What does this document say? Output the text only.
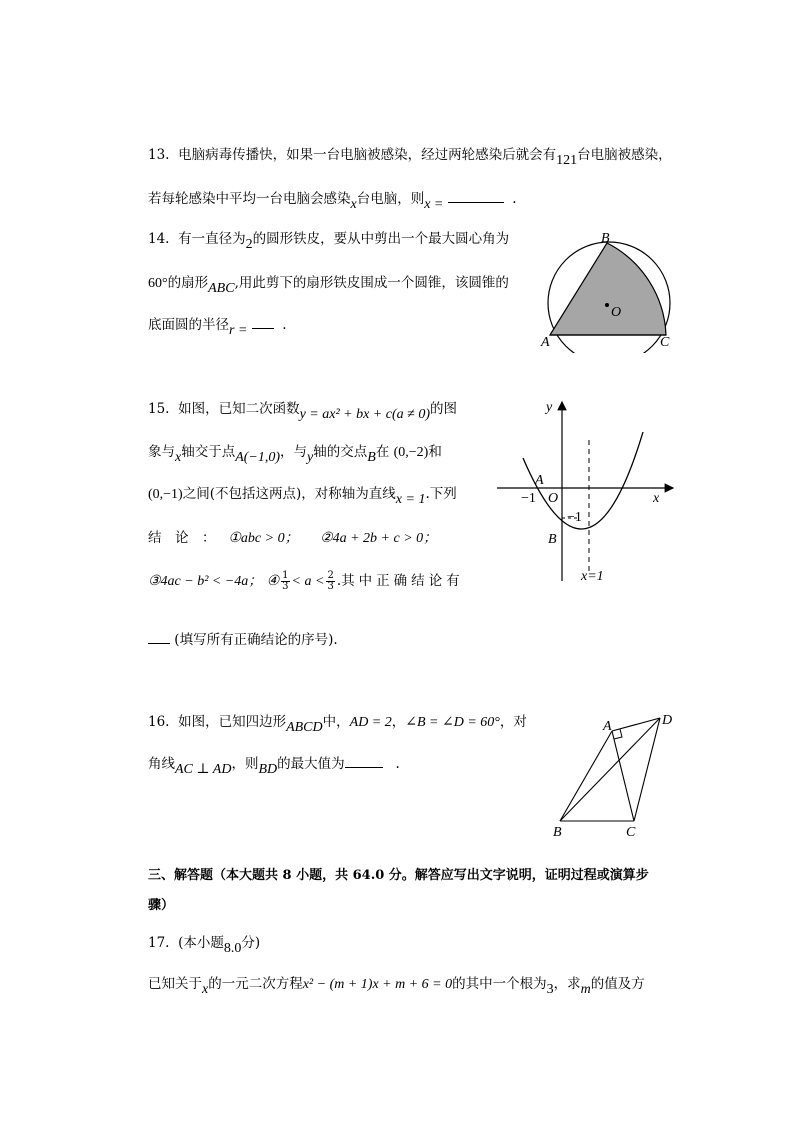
13. 电脑病毒传播快，如果一台电脑被感染，经过两轮感染后就会有121台电脑被感染，
若每轮感染中平均一台电脑会感染x台电脑，则x =	.
14. 有一直径为2的圆形铁皮，要从中剪出一个最大圆心角为
60°的扇形ABC,用此剪下的扇形铁皮围成一个圆锥，该圆锥的
底面圆的半径r =	.
B
O
A	C
15. 如图，已知二次函数y = ax² + bx + c(a ≠ 0)的图
象与x轴交于点A(−1,0)，与y轴的交点B在 (0,−2)和
(0,−1)之间(不包括这两点)，对称轴为直线x = 1.下列
结　论　： ①abc > 0； ②4a + 2b + c > 0；
③4ac − b² < −4a； ④ $\frac{1}{3} < a < \frac{2}{3}$ .其中正确结论有
(填写所有正确结论的序号).
y
x
A
−1 O
−1
B
x=1
16. 如图，已知四边形ABCD中，AD = 2，∠B = ∠D = 60°，对
角线AC ⊥ AD，则BD的最大值为	.
A	D
B	C
三、解答题（本大题共 8 小题，共 64.0 分。解答应写出文字说明，证明过程或演算步
骤）
17. (本小题8.0分)
已知关于x的一元二次方程x² − (m + 1)x + m + 6 = 0的其中一个根为3，求m的值及方
